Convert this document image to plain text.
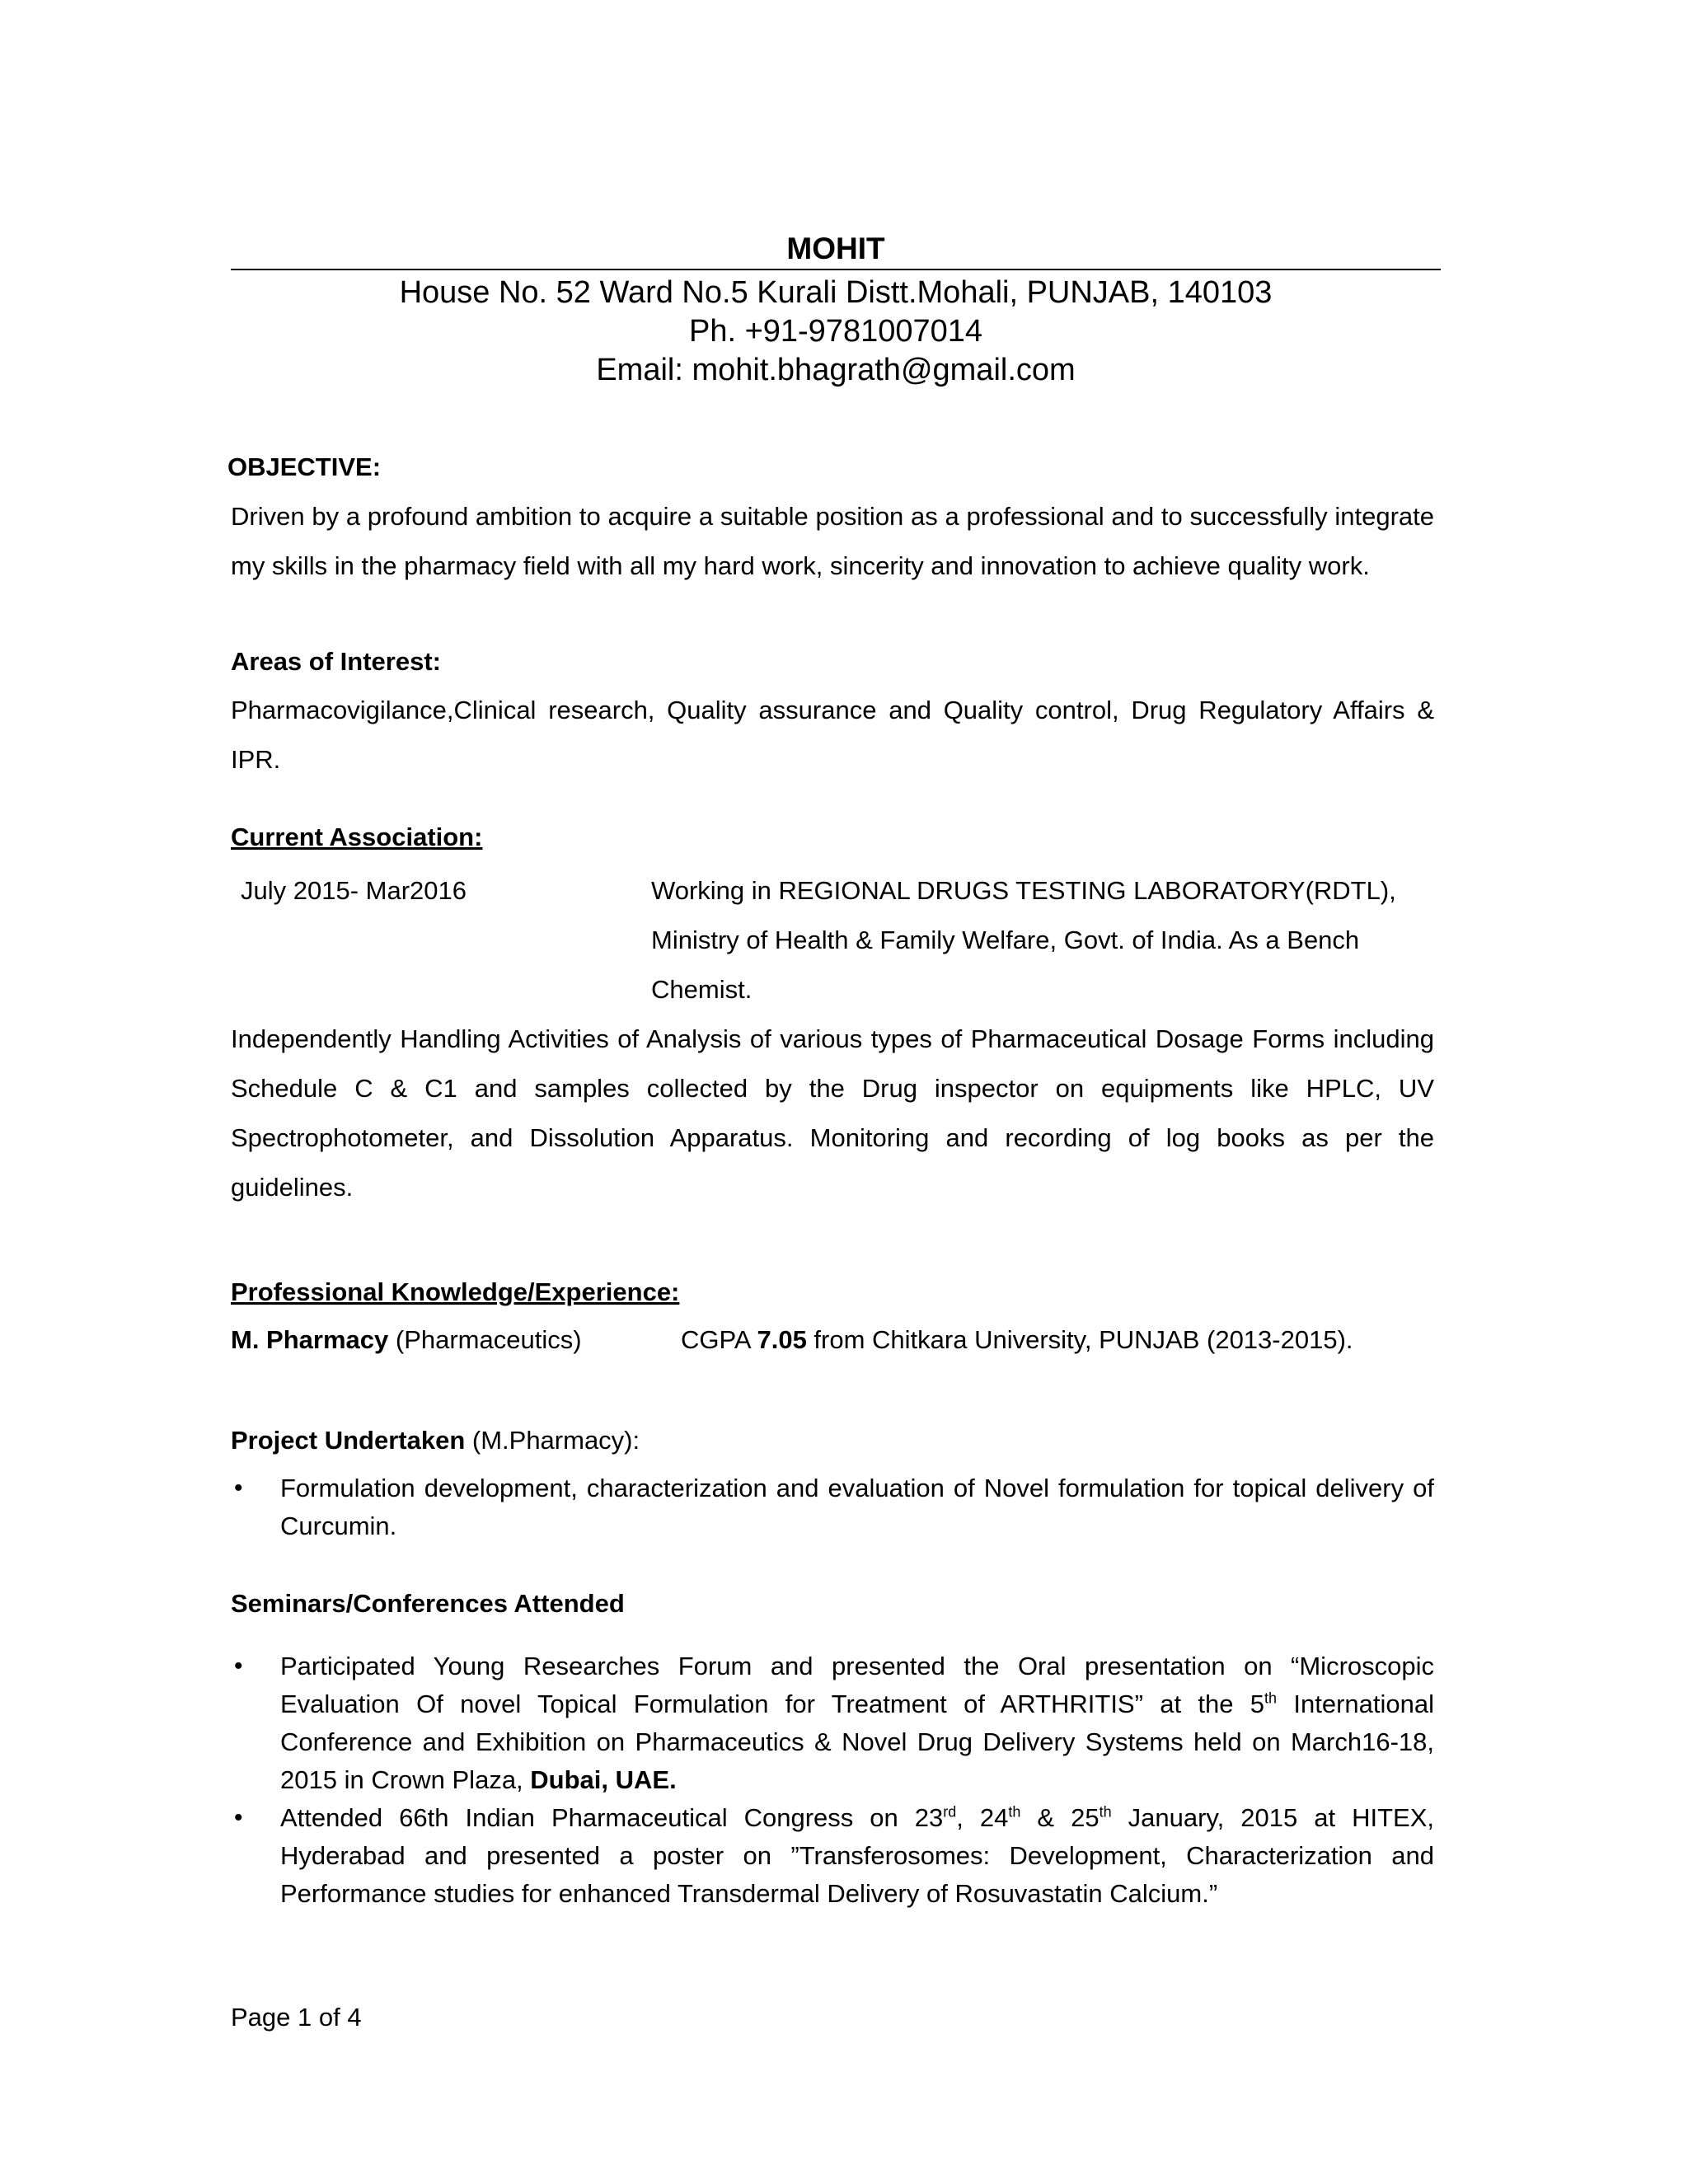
MOHIT
House No. 52 Ward No.5 Kurali Distt.Mohali, PUNJAB, 140103
Ph. +91-9781007014
Email: mohit.bhagrath@gmail.com
OBJECTIVE:
Driven by a profound ambition to acquire a suitable position as a professional and to successfully integrate my skills in the pharmacy field with all my hard work, sincerity and innovation to achieve quality work.
Areas of Interest:
Pharmacovigilance,Clinical research, Quality assurance and Quality control, Drug Regulatory Affairs & IPR.
Current Association:
July 2015- Mar2016	Working in REGIONAL DRUGS TESTING LABORATORY(RDTL), Ministry of Health & Family Welfare, Govt. of India. As a Bench Chemist.
Independently Handling Activities of Analysis of various types of Pharmaceutical Dosage Forms including Schedule C & C1 and samples collected by the Drug inspector on equipments like HPLC, UV Spectrophotometer, and Dissolution Apparatus. Monitoring and recording of log books as per the guidelines.
Professional Knowledge/Experience:
M. Pharmacy (Pharmaceutics)	CGPA 7.05 from Chitkara University, PUNJAB (2013-2015).
Project Undertaken (M.Pharmacy):
• Formulation development, characterization and evaluation of Novel formulation for topical delivery of Curcumin.
Seminars/Conferences Attended
• Participated Young Researches Forum and presented the Oral presentation on “Microscopic Evaluation Of novel Topical Formulation for Treatment of ARTHRITIS” at the 5th International Conference and Exhibition on Pharmaceutics & Novel Drug Delivery Systems held on March16-18, 2015 in Crown Plaza, Dubai, UAE.
• Attended 66th Indian Pharmaceutical Congress on 23rd, 24th & 25th January, 2015 at HITEX, Hyderabad and presented a poster on ”Transferosomes: Development, Characterization and Performance studies for enhanced Transdermal Delivery of Rosuvastatin Calcium.”
Page 1 of 4
